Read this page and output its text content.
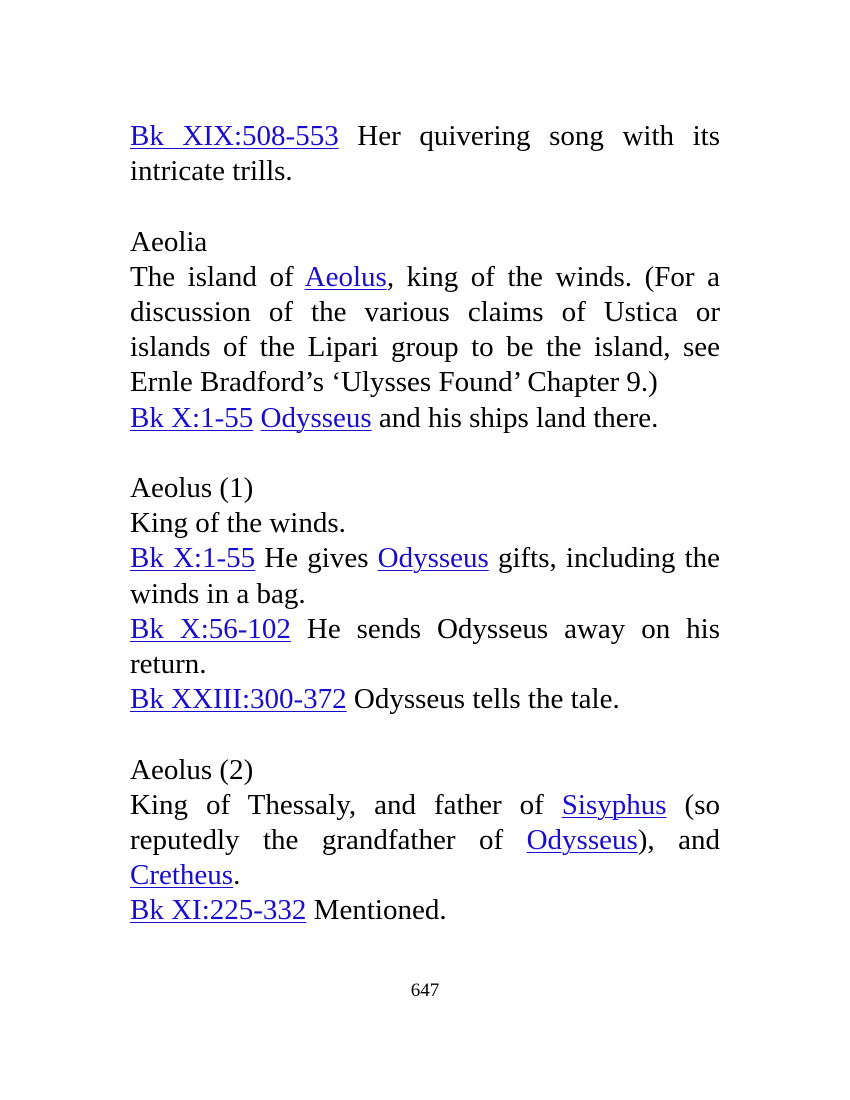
Bk XIX:508-553 Her quivering song with its intricate trills.

Aeolia

The island of Aeolus, king of the winds. (For a discussion of the various claims of Ustica or islands of the Lipari group to be the island, see Ernle Bradford’s ‘Ulysses Found’ Chapter 9.)

Bk X:1-55 Odysseus and his ships land there.

Aeolus (1)

King of the winds.

Bk X:1-55 He gives Odysseus gifts, including the winds in a bag.

Bk X:56-102 He sends Odysseus away on his return.

Bk XXIII:300-372 Odysseus tells the tale.

Aeolus (2)

King of Thessaly, and father of Sisyphus (so reputedly the grandfather of Odysseus), and Cretheus.

Bk XI:225-332 Mentioned.

647
